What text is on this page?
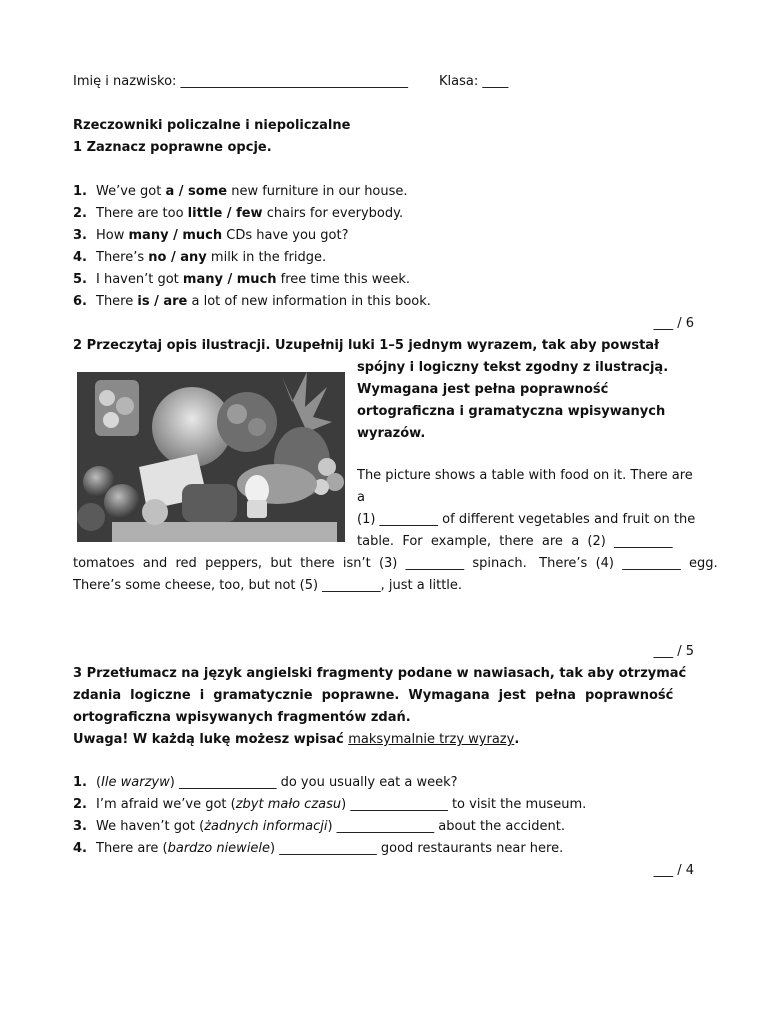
Imię i nazwisko: ___________________________________ Klasa: ____
Rzeczowniki policzalne i niepoliczalne
1 Zaznacz poprawne opcje.
1. We’ve got a / some new furniture in our house.
2. There are too little / few chairs for everybody.
3. How many / much CDs have you got?
4. There’s no / any milk in the fridge.
5. I haven’t got many / much free time this week.
6. There is / are a lot of new information in this book.
___ / 6
2 Przeczytaj opis ilustracji. Uzupełnij luki 1–5 jednym wyrazem, tak aby powstał
spójny i logiczny tekst zgodny z ilustracją.
Wymagana jest pełna poprawność
ortograficzna i gramatyczna wpisywanych
wyrazów.
The picture shows a table with food on it. There are
a
(1) _________ of different vegetables and fruit on the
table.  For  example,  there  are  a  (2)  _________
tomatoes  and  red  peppers,  but  there  isn’t  (3)  _________  spinach.   There’s  (4)  _________  egg.
There’s some cheese, too, but not (5) _________, just a little.
___ / 5
3 Przetłumacz na język angielski fragmenty podane w nawiasach, tak aby otrzymać
zdania  logiczne  i  gramatycznie  poprawne.  Wymagana  jest  pełna  poprawność
ortograficzna wpisywanych fragmentów zdań.
Uwaga! W każdą lukę możesz wpisać maksymalnie trzy wyrazy.
1. (Ile warzyw) _______________ do you usually eat a week?
2. I’m afraid we’ve got (zbyt mało czasu) _______________ to visit the museum.
3. We haven’t got (żadnych informacji) _______________ about the accident.
4. There are (bardzo niewiele) _______________ good restaurants near here.
___ / 4
